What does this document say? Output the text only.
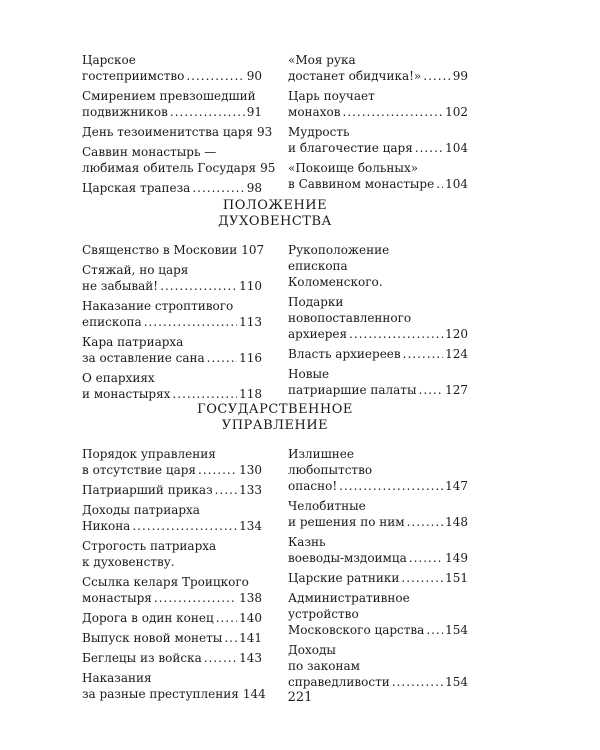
Царское
гостеприимство .....	90
Смирением превзошедший
подвижников .....	91
День тезоименитства царя 93
Саввин монастырь —
любимая обитель Государя 95
Царская трапеза .....	98
«Моя рука
достанет обидчика!» .....	99
Царь поучает
монахов .....	102
Мудрость
и благочестие царя .....	104
«Покоище больных»
в Саввином монастыре ..... 104
ПОЛОЖЕНИЕ
ДУХОВЕНСТВА
Священство в Московии 107
Стяжай, но царя
не забывай! .....	110
Наказание строптивого
епископа .....	113
Кара патриарха
за оставление сана .....	116
О епархиях
и монастырях .....	118
Рукоположение
епископа
Коломенского.
Подарки
новопоставленного
архиерея .....	120
Власть архиереев .....	124
Новые
патриаршие палаты ..... 127
ГОСУДАРСТВЕННОЕ
УПРАВЛЕНИЕ
Порядок управления
в отсутствие царя .....	130
Патриарший приказ ..... 133
Доходы патриарха
Никона .....	134
Строгость патриарха
к духовенству.
Ссылка келаря Троицкого
монастыря .....	138
Дорога в один конец ..... 140
Выпуск новой монеты ..... 141
Беглецы из войска .....	143
Наказания
за разные преступления 144
Излишнее
любопытство
опасно! .....	147
Челобитные
и решения по ним .....	148
Казнь
воеводы-мздоимца .....	149
Царские ратники .....	151
Административное
устройство
Московского царства ..... 154
Доходы
по законам
справедливости .....	154
221
